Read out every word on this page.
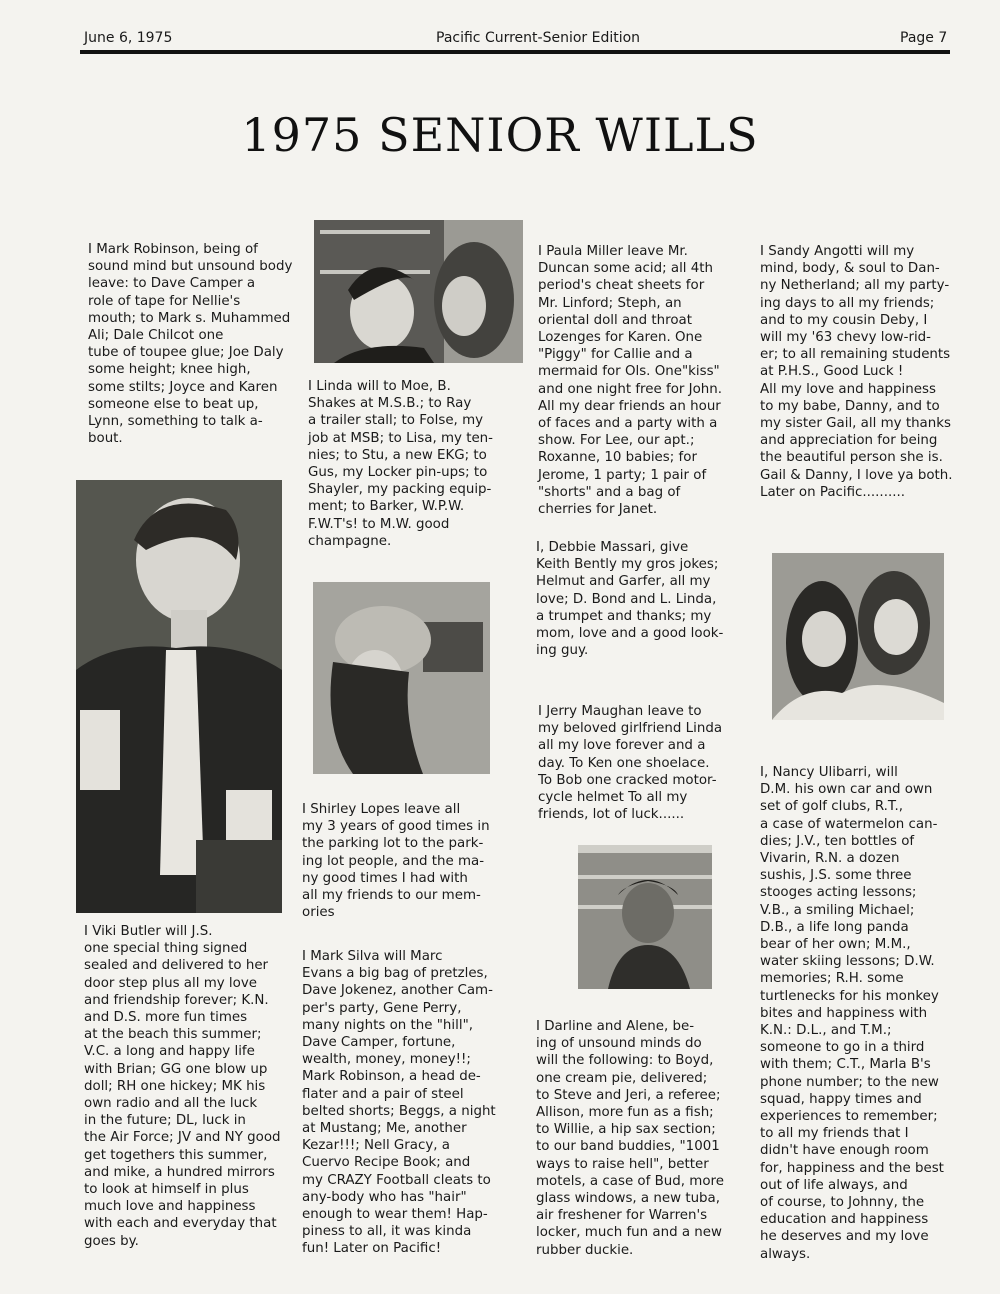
June 6, 1975	Pacific Current-Senior Edition	Page 7
1975 SENIOR WILLS
I Mark Robinson, being of
sound mind but unsound body
leave: to Dave Camper a
role of tape for Nellie's
mouth; to Mark s. Muhammed
Ali; Dale Chilcot one
tube of toupee glue; Joe Daly
some height; knee high,
some stilts; Joyce and Karen
someone else to beat up,
Lynn, something to talk a-
bout.
I Viki Butler will J.S.
one special thing signed
sealed and delivered to her
door step plus all my love
and friendship forever; K.N.
and D.S. more fun times
at the beach this summer;
V.C. a long and happy life
with Brian; GG one blow up
doll; RH one hickey; MK his
own radio and all the luck
in the future; DL, luck in
the Air Force; JV and NY good
get togethers this summer,
and mike, a hundred mirrors
to look at himself in plus
much love and happiness
with each and everyday that
goes by.
I Linda will to Moe, B.
Shakes at M.S.B.; to Ray
a trailer stall; to Folse, my
job at MSB; to Lisa, my ten-
nies; to Stu, a new EKG; to
Gus, my Locker pin-ups; to
Shayler, my packing equip-
ment; to Barker, W.P.W.
F.W.T's! to M.W. good
champagne.
I Shirley Lopes leave all
my 3 years of good times in
the parking lot to the park-
ing lot people, and the ma-
ny good times I had with
all my friends to our mem-
ories
I Mark Silva will Marc
Evans a big bag of pretzles,
Dave Jokenez, another Cam-
per's party, Gene Perry,
many nights on the "hill",
Dave Camper, fortune,
wealth, money, money!!;
Mark Robinson, a head de-
flater and a pair of steel
belted shorts; Beggs, a night
at Mustang; Me, another
Kezar!!!; Nell Gracy, a
Cuervo Recipe Book; and
my CRAZY Football cleats to
any-body who has "hair"
enough to wear them! Hap-
piness to all, it was kinda
fun! Later on Pacific!
I Paula Miller leave Mr.
Duncan some acid; all 4th
period's cheat sheets for
Mr. Linford; Steph, an
oriental doll and throat
Lozenges for Karen. One
"Piggy" for Callie and a
mermaid for Ols. One"kiss"
and one night free for John.
All my dear friends an hour
of faces and a party with a
show. For Lee, our apt.;
Roxanne, 10 babies; for
Jerome, 1 party; 1 pair of
"shorts" and a bag of
cherries for Janet.
I, Debbie Massari, give
Keith Bently my gros jokes;
Helmut and Garfer, all my
love; D. Bond and L. Linda,
a trumpet and thanks; my
mom, love and a good look-
ing guy.
I Jerry Maughan leave to
my beloved girlfriend Linda
all my love forever and a
day. To Ken one shoelace.
To Bob one cracked motor-
cycle helmet To all my
friends, lot of luck......
I Darline and Alene, be-
ing of unsound minds do
will the following: to Boyd,
one cream pie, delivered;
to Steve and Jeri, a referee;
Allison, more fun as a fish;
to Willie, a hip sax section;
to our band buddies, "1001
ways to raise hell", better
motels, a case of Bud, more
glass windows, a new tuba,
air freshener for Warren's
locker, much fun and a new
rubber duckie.
I Sandy Angotti will my
mind, body, & soul to Dan-
ny Netherland; all my party-
ing days to all my friends;
and to my cousin Deby, I
will my '63 chevy low-rid-
er; to all remaining students
at P.H.S., Good Luck !
All my love and happiness
to my babe, Danny, and to
my sister Gail, all my thanks
and appreciation for being
the beautiful person she is.
Gail & Danny, I love ya both.
Later on Pacific..........
I, Nancy Ulibarri, will
D.M. his own car and own
set of golf clubs, R.T.,
a case of watermelon can-
dies; J.V., ten bottles of
Vivarin, R.N. a dozen
sushis, J.S. some three
stooges acting lessons;
V.B., a smiling Michael;
D.B., a life long panda
bear of her own; M.M.,
water skiing lessons; D.W.
memories; R.H. some
turtlenecks for his monkey
bites and happiness with
K.N.: D.L., and T.M.;
someone to go in a third
with them; C.T., Marla B's
phone number; to the new
squad, happy times and
experiences to remember;
to all my friends that I
didn't have enough room
for, happiness and the best
out of life always, and
of course, to Johnny, the
education and happiness
he deserves and my love
always.
